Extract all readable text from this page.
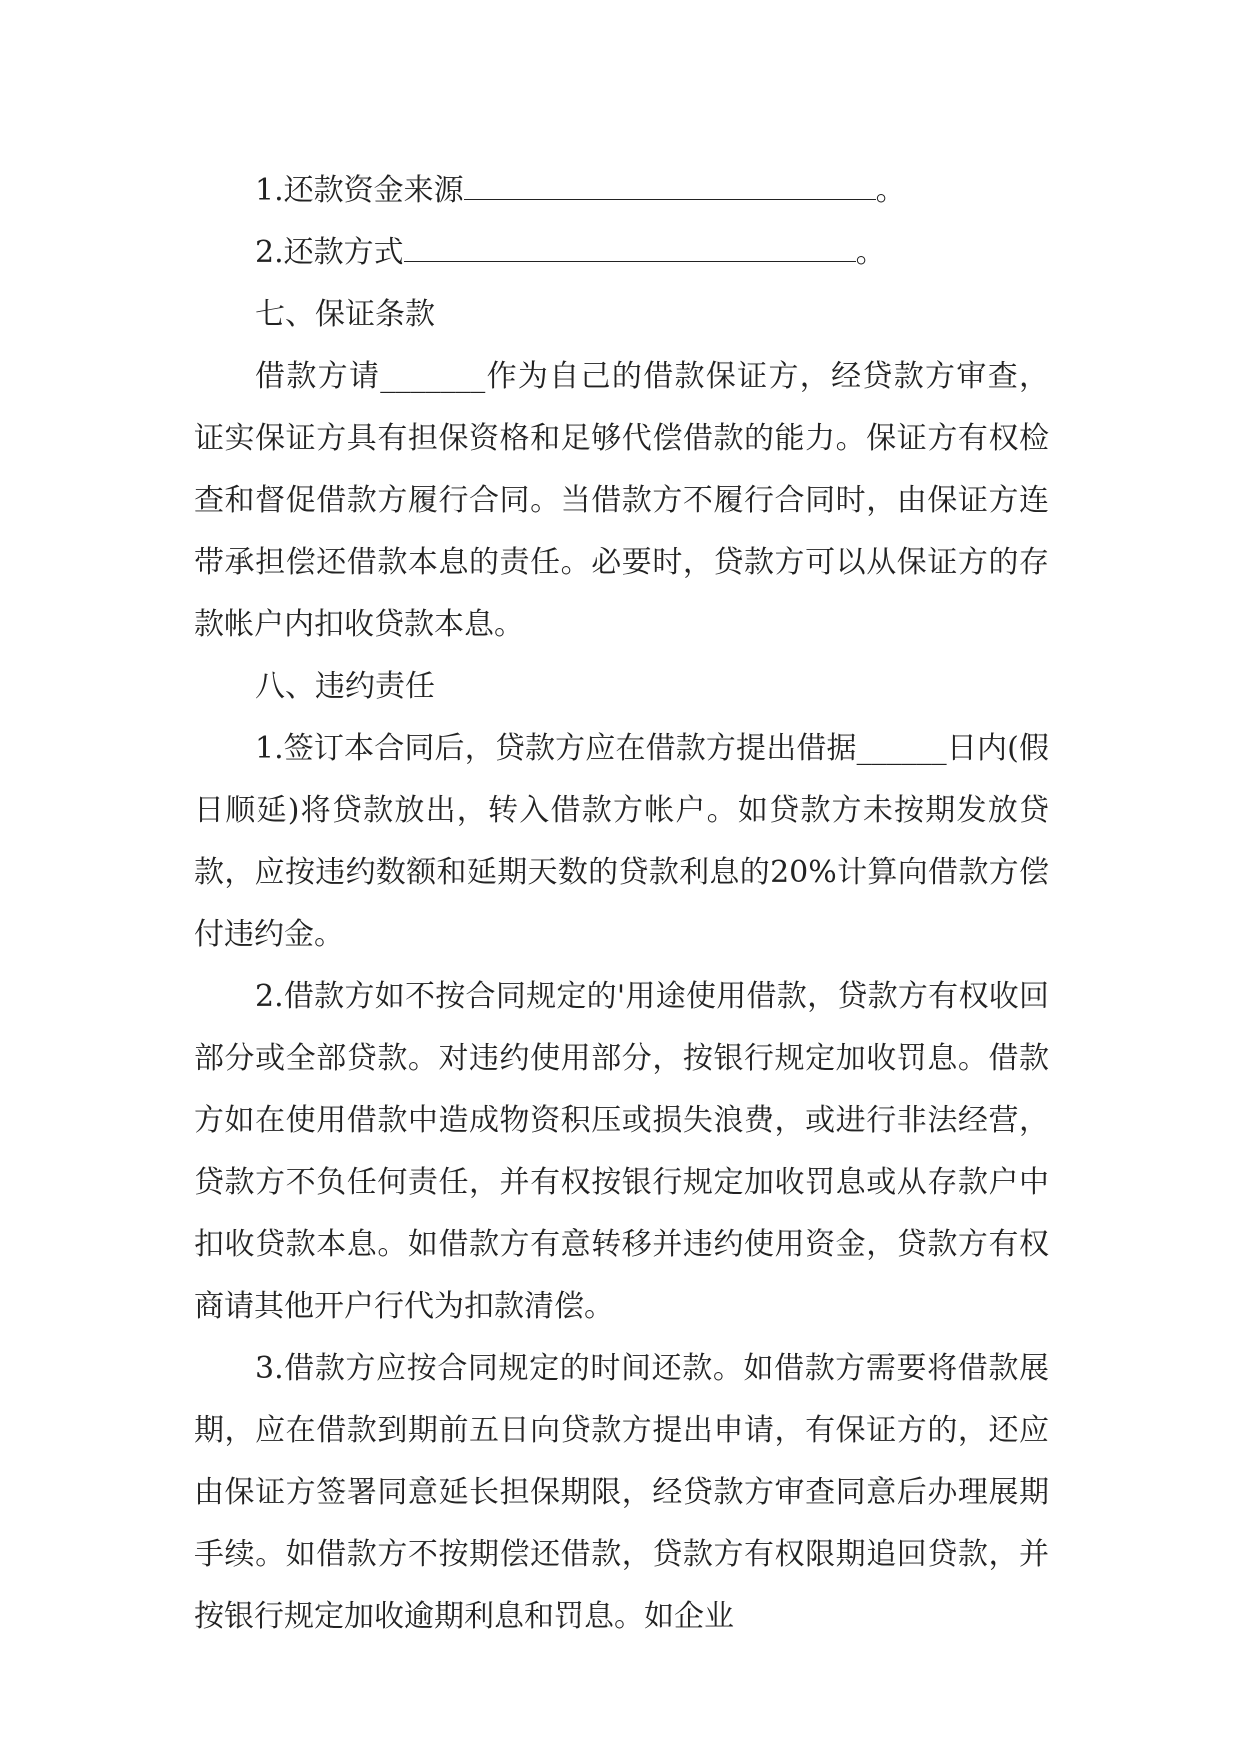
1.还款资金来源	。

2.还款方式	。

七、保证条款

借款方请_______作为自己的借款保证方，经贷款方审查，证实保证方具有担保资格和足够代偿借款的能力。保证方有权检查和督促借款方履行合同。当借款方不履行合同时，由保证方连带承担偿还借款本息的责任。必要时，贷款方可以从保证方的存款帐户内扣收贷款本息。

八、违约责任

1.签订本合同后，贷款方应在借款方提出借据______日内(假日顺延)将贷款放出，转入借款方帐户。如贷款方未按期发放贷款，应按违约数额和延期天数的贷款利息的20%计算向借款方偿付违约金。

2.借款方如不按合同规定的'用途使用借款，贷款方有权收回部分或全部贷款。对违约使用部分，按银行规定加收罚息。借款方如在使用借款中造成物资积压或损失浪费，或进行非法经营，贷款方不负任何责任，并有权按银行规定加收罚息或从存款户中扣收贷款本息。如借款方有意转移并违约使用资金，贷款方有权商请其他开户行代为扣款清偿。

3.借款方应按合同规定的时间还款。如借款方需要将借款展期，应在借款到期前五日向贷款方提出申请，有保证方的，还应由保证方签署同意延长担保期限，经贷款方审查同意后办理展期手续。如借款方不按期偿还借款，贷款方有权限期追回贷款，并按银行规定加收逾期利息和罚息。如企业
